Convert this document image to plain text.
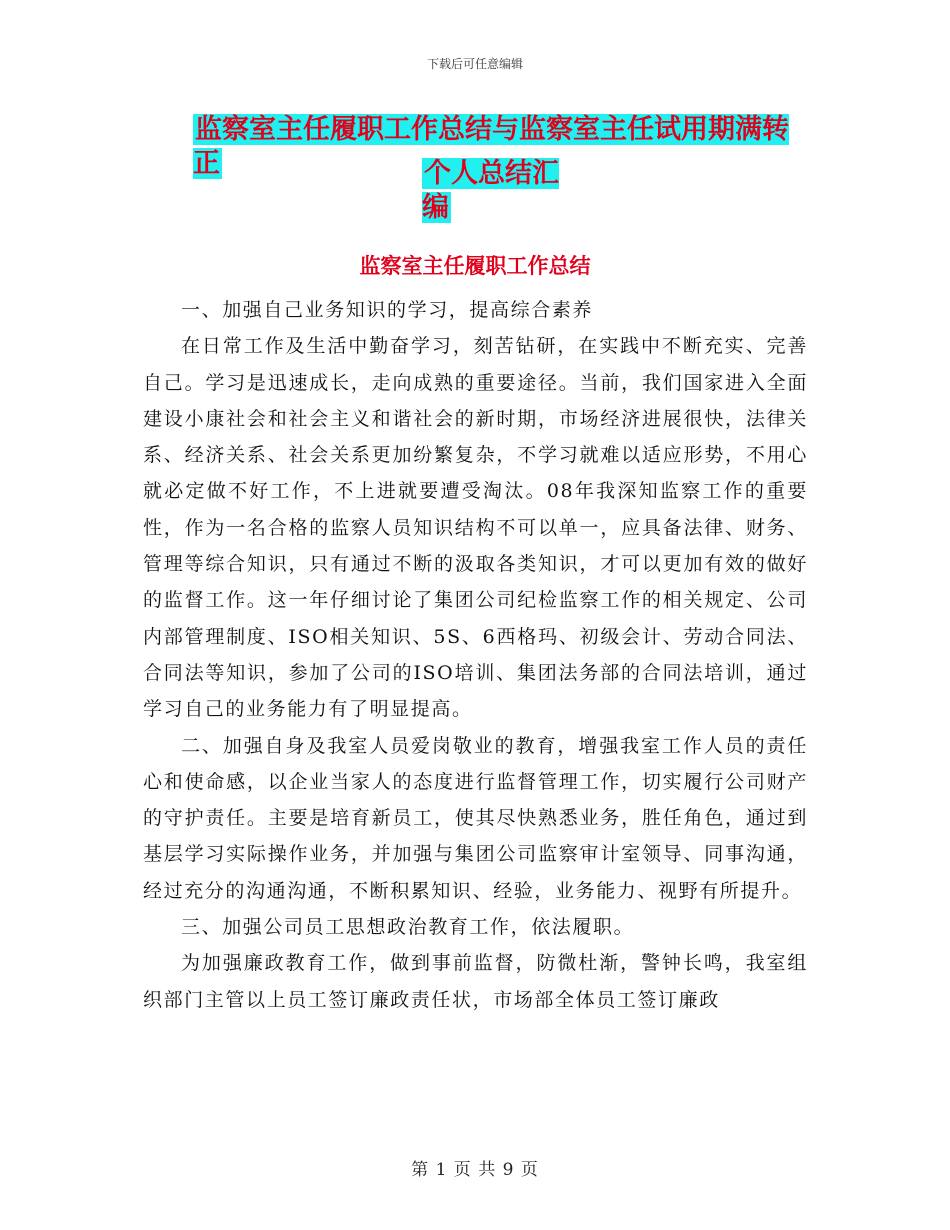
下载后可任意编辑
监察室主任履职工作总结与监察室主任试用期满转正	个人总结汇编
监察室主任履职工作总结

一、加强自己业务知识的学习，提高综合素养

在日常工作及生活中勤奋学习，刻苦钻研，在实践中不断充实、完善自己。学习是迅速成长，走向成熟的重要途径。当前，我们国家进入全面建设小康社会和社会主义和谐社会的新时期，市场经济进展很快，法律关系、经济关系、社会关系更加纷繁复杂，不学习就难以适应形势，不用心就必定做不好工作，不上进就要遭受淘汰。08年我深知监察工作的重要性，作为一名合格的监察人员知识结构不可以单一，应具备法律、财务、管理等综合知识，只有通过不断的汲取各类知识，才可以更加有效的做好的监督工作。这一年仔细讨论了集团公司纪检监察工作的相关规定、公司内部管理制度、ISO相关知识、5S、6西格玛、初级会计、劳动合同法、合同法等知识，参加了公司的ISO培训、集团法务部的合同法培训，通过学习自己的业务能力有了明显提高。

二、加强自身及我室人员爱岗敬业的教育，增强我室工作人员的责任心和使命感，以企业当家人的态度进行监督管理工作，切实履行公司财产的守护责任。主要是培育新员工，使其尽快熟悉业务，胜任角色，通过到基层学习实际操作业务，并加强与集团公司监察审计室领导、同事沟通，经过充分的沟通沟通，不断积累知识、经验，业务能力、视野有所提升。

三、加强公司员工思想政治教育工作，依法履职。

为加强廉政教育工作，做到事前监督，防微杜渐，警钟长鸣，我室组织部门主管以上员工签订廉政责任状，市场部全体员工签订廉政

第 1 页 共 9 页
